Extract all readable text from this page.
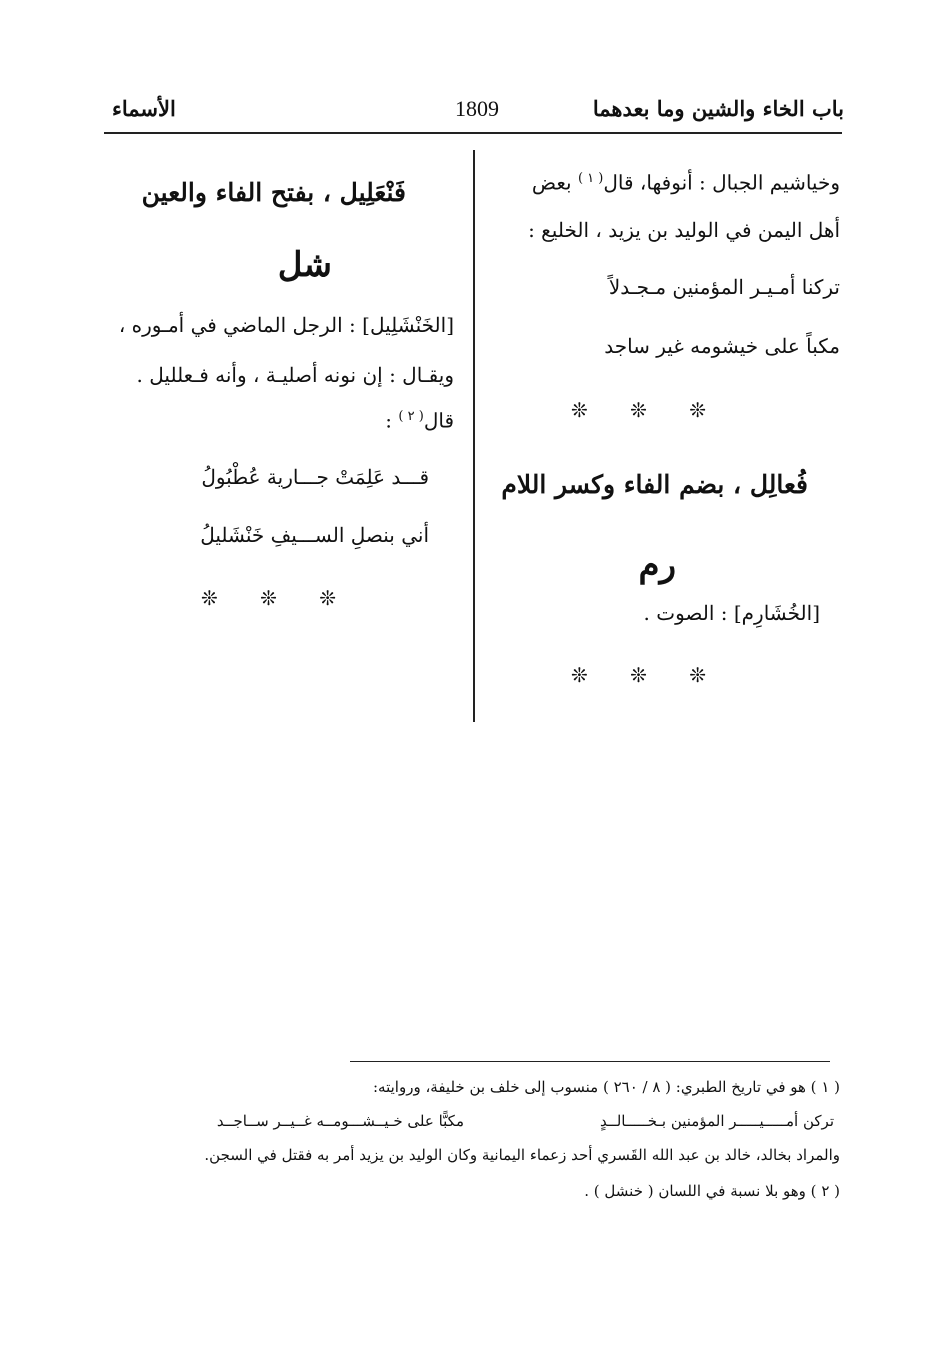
باب الخاء والشين وما بعدهما
1809
الأسماء
وخياشيم الجبال : أنوفها، قال$^{( ١ )}$ بعض
أهل اليمن في الوليد بن يزيد ، الخليع :
تركنا أمـيـر المؤمنين مـجـدلاً
مكباً على خيشومه غير ساجد
❊ ❊ ❊
فُعالِل ، بضم الفاء وكسر اللام
رم
[الخُشَارِم] : الصوت .
❊ ❊ ❊
فَنْعَلِيل ، بفتح الفاء والعين
شل
[الخَنْشَلِيل] : الرجل الماضي في أمـوره ،
ويقـال : إن نونه أصليـة ، وأنه فـعلليل .
قال$^{( ٢ )}$ :
قـــد عَلِمَتْ جـــارية عُطْبُولُ
أني بنصلِ الســـيفِ خَنْشَليلُ
❊ ❊ ❊
( ١ ) هو في تاريخ الطبري: ( ٨ / ٢٦٠ ) منسوب إلى خلف بن خليفة، وروايته:
تركن أمـــــيـــــر المؤمنين بـخـــــالــدٍ
مكبًّا على خـيــشـــومــه غــيــر ســاجــد
والمراد بخالد، خالد بن عبد الله القَسري أحد زعماء اليمانية وكان الوليد بن يزيد أمر به فقتل في السجن.
( ٢ ) وهو بلا نسبة في اللسان ( خنشل ) .
